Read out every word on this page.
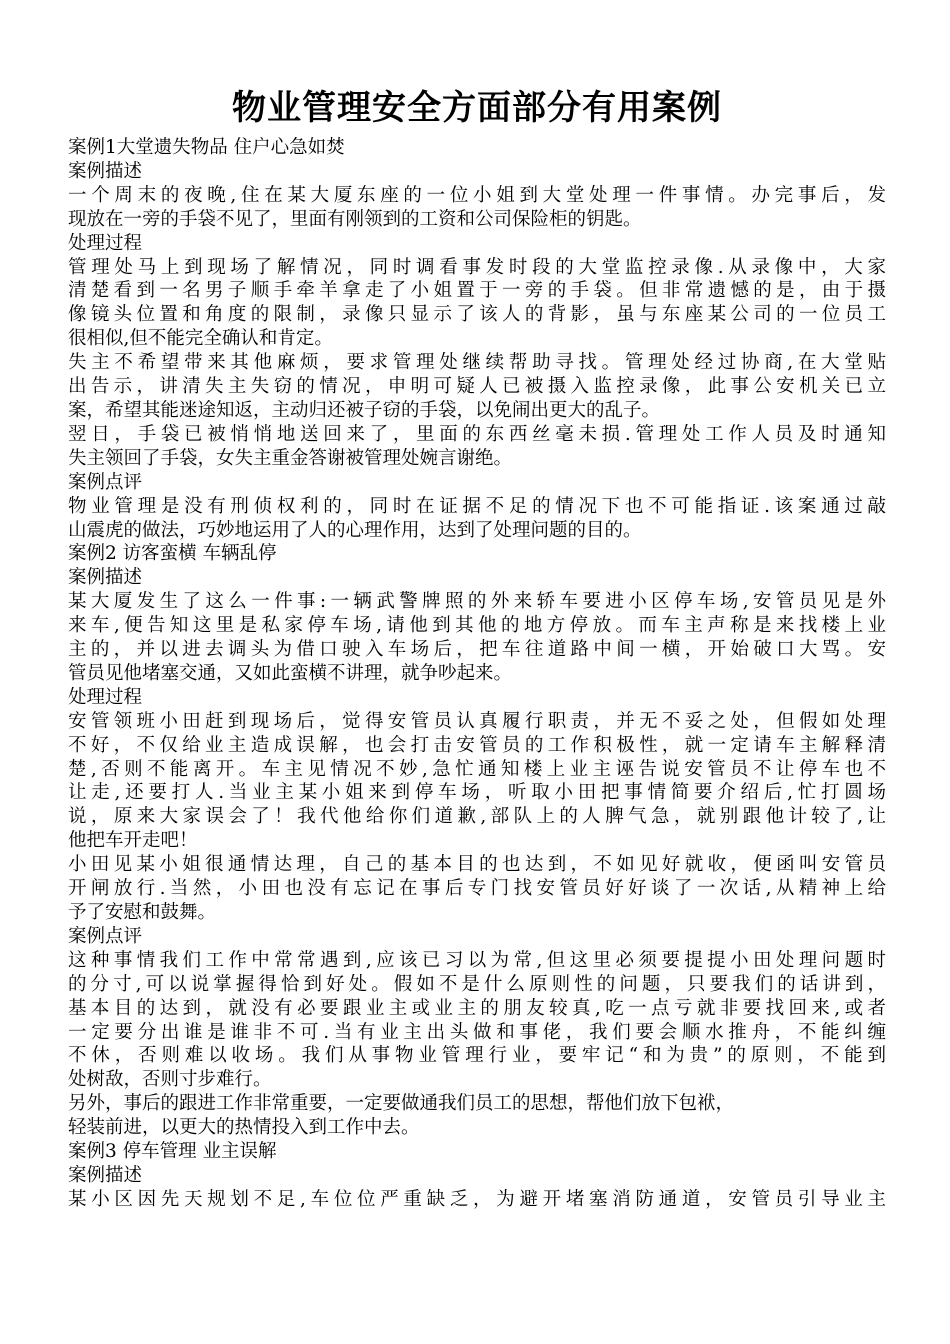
物业管理安全方面部分有用案例

案例1大堂遗失物品 住户心急如焚

案例描述

一个周末的夜晚,住在某大厦东座的一位小姐到大堂处理一件事情。办完事后，发

现放在一旁的手袋不见了，里面有刚领到的工资和公司保险柜的钥匙。

处理过程

管理处马上到现场了解情况，同时调看事发时段的大堂监控录像.从录像中，大家

清楚看到一名男子顺手牵羊拿走了小姐置于一旁的手袋。但非常遗憾的是，由于摄

像镜头位置和角度的限制，录像只显示了该人的背影，虽与东座某公司的一位员工

很相似,但不能完全确认和肯定。

失主不希望带来其他麻烦，要求管理处继续帮助寻找。管理处经过协商,在大堂贴

出告示，讲清失主失窃的情况，申明可疑人已被摄入监控录像，此事公安机关已立

案，希望其能迷途知返，主动归还被子窃的手袋，以免闹出更大的乱子。

翌日，手袋已被悄悄地送回来了，里面的东西丝毫未损.管理处工作人员及时通知

失主领回了手袋，女失主重金答谢被管理处婉言谢绝。

案例点评

物业管理是没有刑侦权利的，同时在证据不足的情况下也不可能指证.该案通过敲

山震虎的做法，巧妙地运用了人的心理作用，达到了处理问题的目的。

案例2 访客蛮横 车辆乱停

案例描述

某大厦发生了这么一件事:一辆武警牌照的外来轿车要进小区停车场,安管员见是外

来车,便告知这里是私家停车场,请他到其他的地方停放。而车主声称是来找楼上业

主的，并以进去调头为借口驶入车场后，把车往道路中间一横，开始破口大骂。安

管员见他堵塞交通，又如此蛮横不讲理，就争吵起来。

处理过程

安管领班小田赶到现场后，觉得安管员认真履行职责，并无不妥之处，但假如处理

不好，不仅给业主造成误解，也会打击安管员的工作积极性，就一定请车主解释清

楚,否则不能离开。车主见情况不妙,急忙通知楼上业主诬告说安管员不让停车也不

让走,还要打人.当业主某小姐来到停车场，听取小田把事情简要介绍后,忙打圆场

说，原来大家误会了！我代他给你们道歉,部队上的人脾气急，就别跟他计较了,让

他把车开走吧！

小田见某小姐很通情达理，自己的基本目的也达到，不如见好就收，便函叫安管员

开闸放行.当然，小田也没有忘记在事后专门找安管员好好谈了一次话,从精神上给

予了安慰和鼓舞。

案例点评

这种事情我们工作中常常遇到,应该已习以为常,但这里必须要提提小田处理问题时

的分寸,可以说掌握得恰到好处。假如不是什么原则性的问题，只要我们的话讲到，

基本目的达到，就没有必要跟业主或业主的朋友较真,吃一点亏就非要找回来,或者

一定要分出谁是谁非不可.当有业主出头做和事佬，我们要会顺水推舟，不能纠缠

不休，否则难以收场。我们从事物业管理行业，要牢记“和为贵”的原则，不能到

处树敌，否则寸步难行。

另外，事后的跟进工作非常重要，一定要做通我们员工的思想，帮他们放下包袱，

轻装前进，以更大的热情投入到工作中去。

案例3 停车管理 业主误解

案例描述

某小区因先天规划不足,车位位严重缺乏，为避开堵塞消防通道，安管员引导业主
